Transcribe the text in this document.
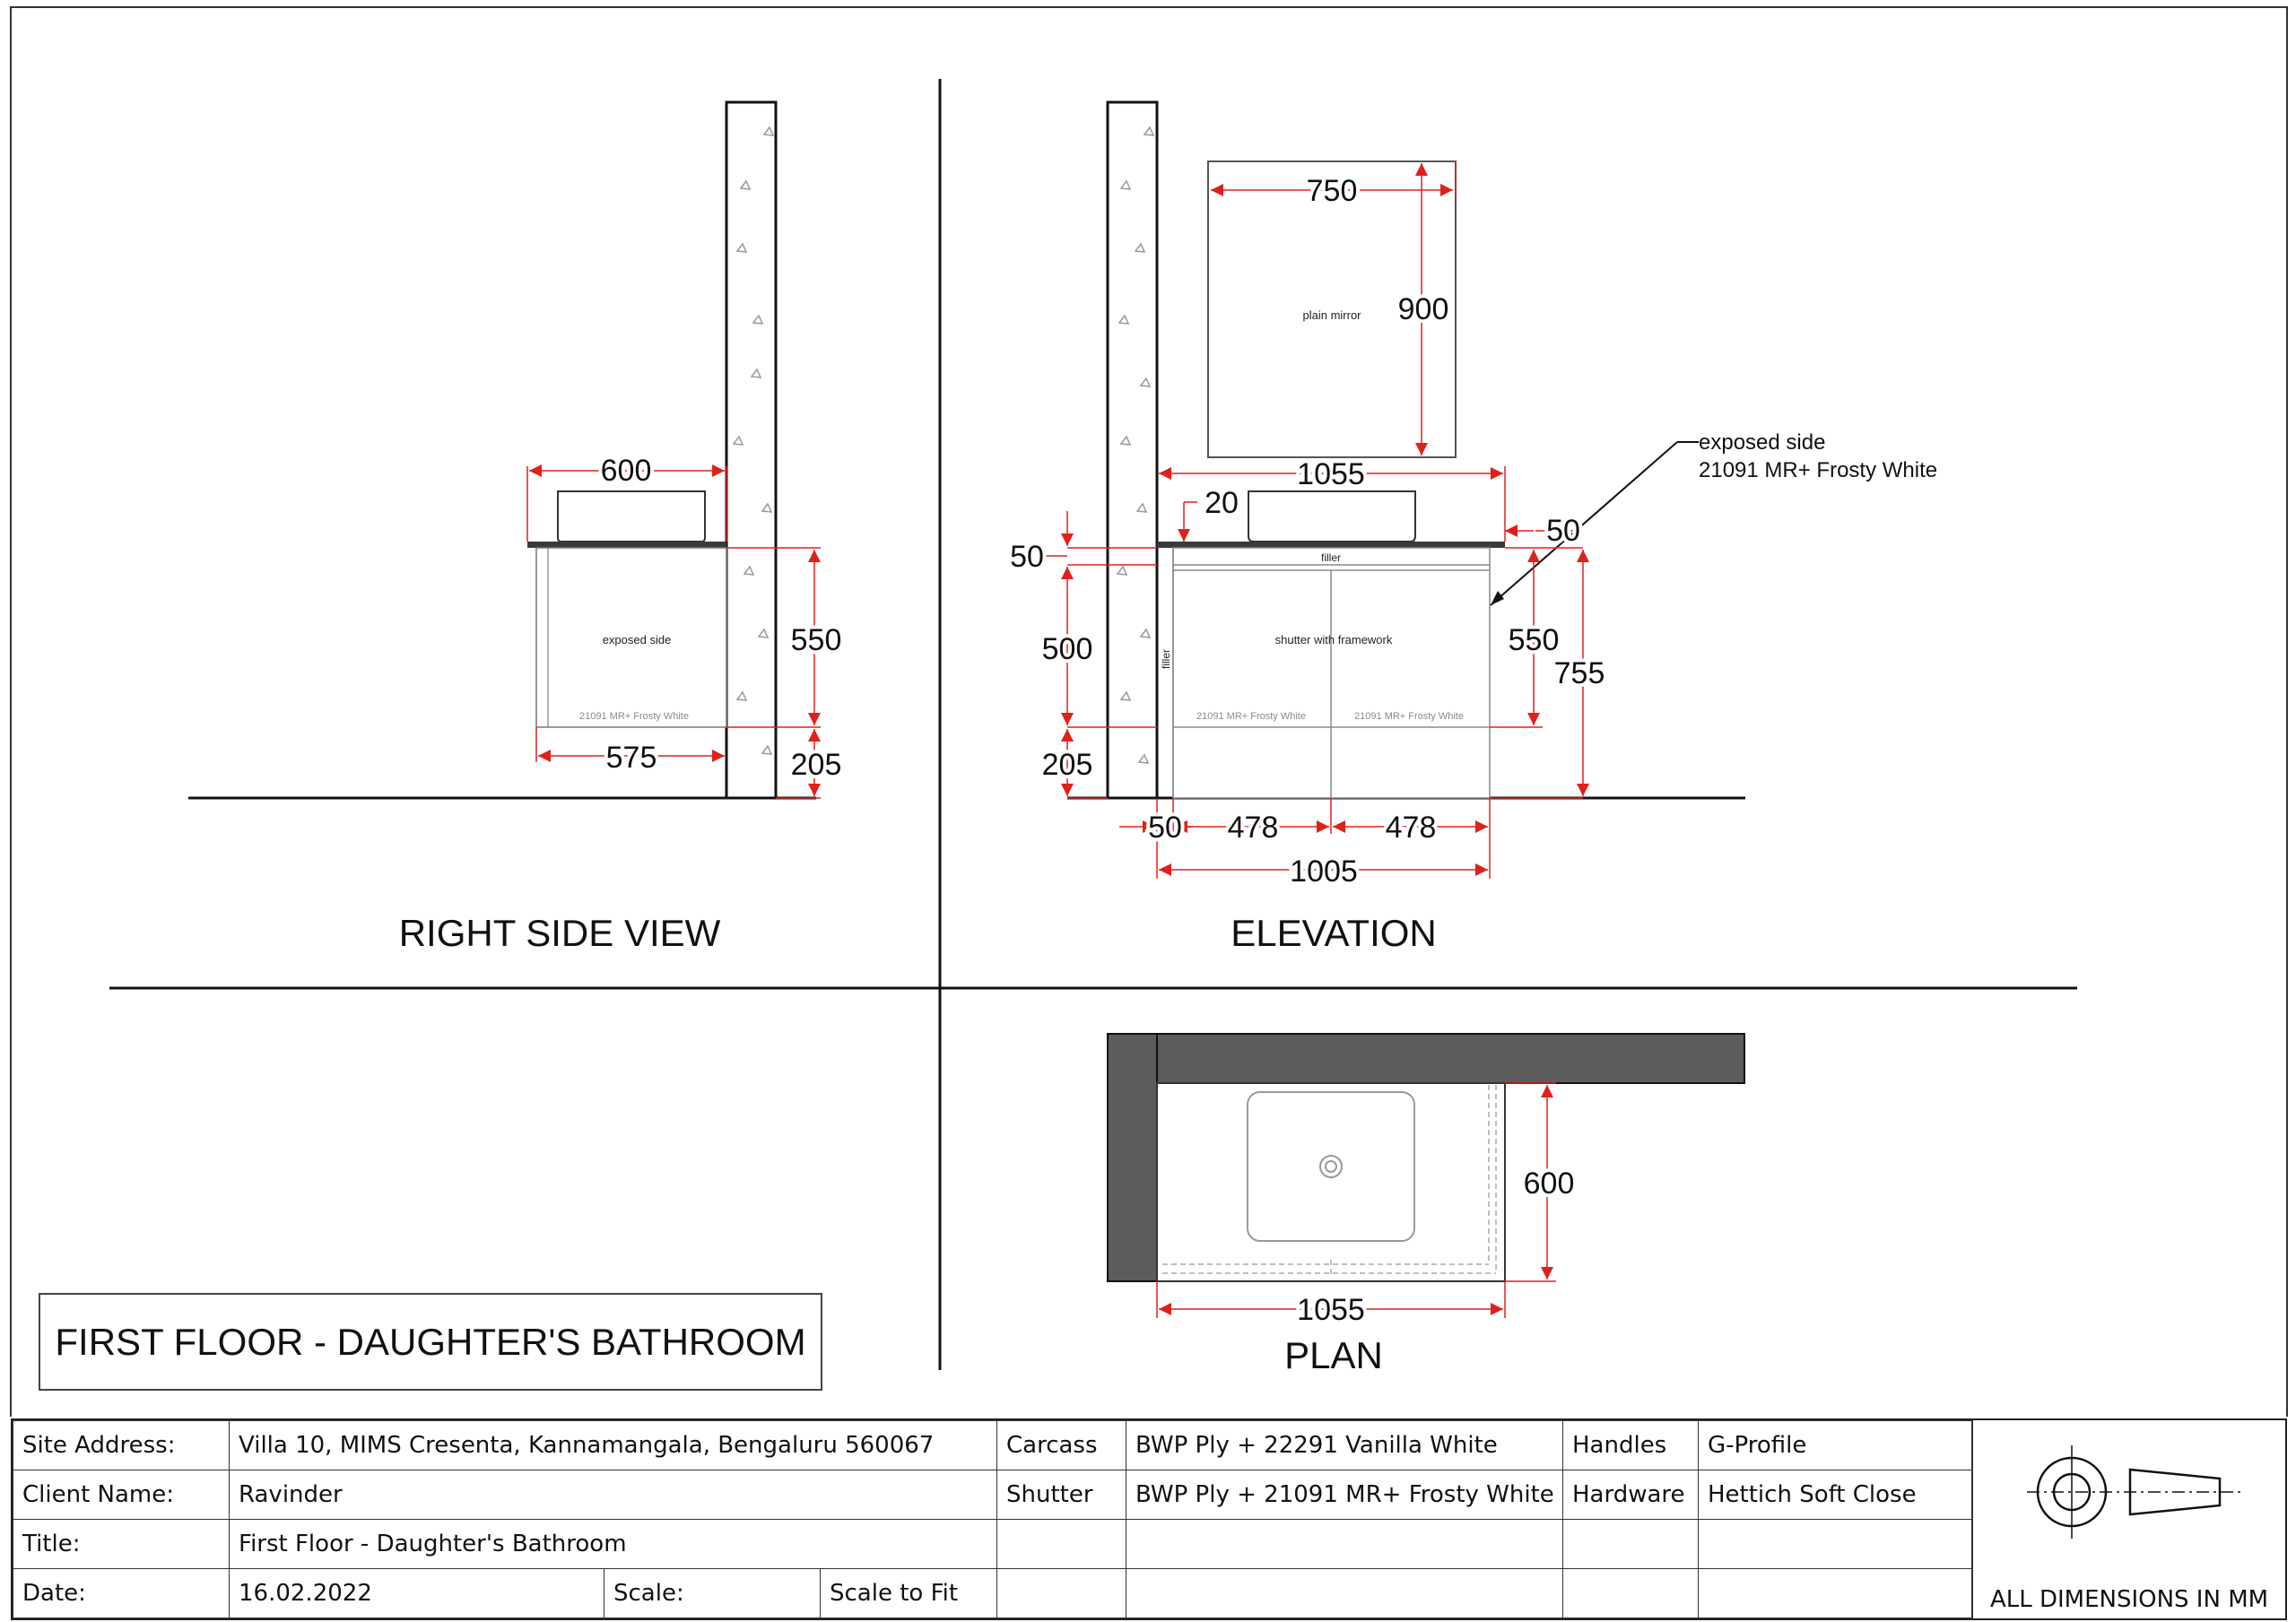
exposed side
21091 MR+ Frosty White
600
550
575	205
RIGHT SIDE VIEW
plain mirror
filler
filler
shutter with framework
21091 MR+ Frosty White	21091 MR+ Frosty White
exposed side
21091 MR+ Frosty White
750
900
1055
20
50
50
500	550
755
205
50 478	478
1005
ELEVATION
600
1055
PLAN
FIRST FLOOR - DAUGHTER'S BATHROOM
Site Address:	Villa 10, MIMS Cresenta, Kannamangala, Bengaluru 560067			Carcass	BWP Ply + 22291 Vanilla White	Handles	G-Profile
Client Name:	Ravinder			Shutter	BWP Ply + 21091 MR+ Frosty White	Hardware	Hettich Soft Close
Title:	First Floor - Daughter's Bathroom						
Date:	16.02.2022	Scale:	Scale to Fit					ALL DIMENSIONS IN MM
